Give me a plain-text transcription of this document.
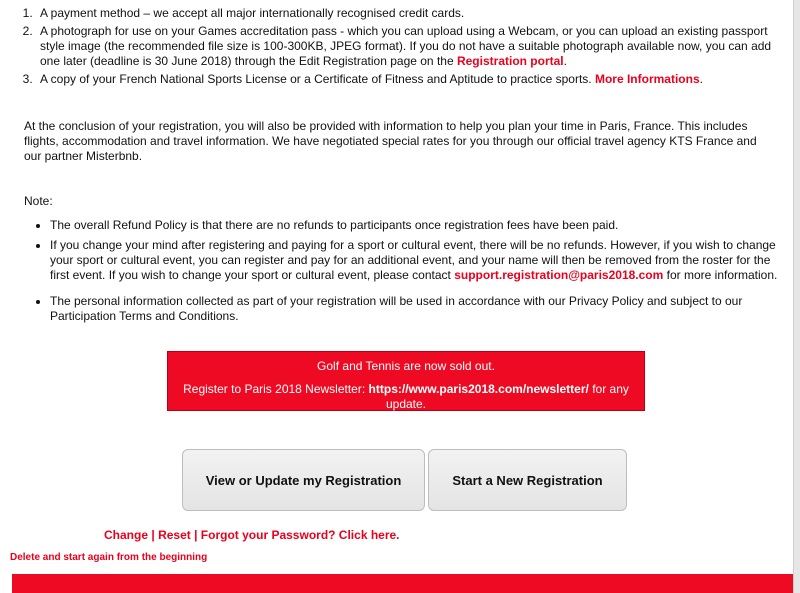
1. A payment method – we accept all major internationally recognised credit cards.
2. A photograph for use on your Games accreditation pass - which you can upload using a Webcam, or you can upload an existing passport style image (the recommended file size is 100-300KB, JPEG format). If you do not have a suitable photograph available now, you can add one later (deadline is 30 June 2018) through the Edit Registration page on the Registration portal.
3. A copy of your French National Sports License or a Certificate of Fitness and Aptitude to practice sports. More Informations.

At the conclusion of your registration, you will also be provided with information to help you plan your time in Paris, France. This includes flights, accommodation and travel information. We have negotiated special rates for you through our official travel agency KTS France and our partner Misterbnb.

Note:

• The overall Refund Policy is that there are no refunds to participants once registration fees have been paid.
• If you change your mind after registering and paying for a sport or cultural event, there will be no refunds. However, if you wish to change your sport or cultural event, you can register and pay for an additional event, and your name will then be removed from the roster for the first event. If you wish to change your sport or cultural event, please contact support.registration@paris2018.com for more information.
• The personal information collected as part of your registration will be used in accordance with our Privacy Policy and subject to our Participation Terms and Conditions.
Golf and Tennis are now sold out.
Register to Paris 2018 Newsletter: https://www.paris2018.com/newsletter/ for any update.
View or Update my Registration	Start a New Registration
Change | Reset | Forgot your Password? Click here.
Delete and start again from the beginning
